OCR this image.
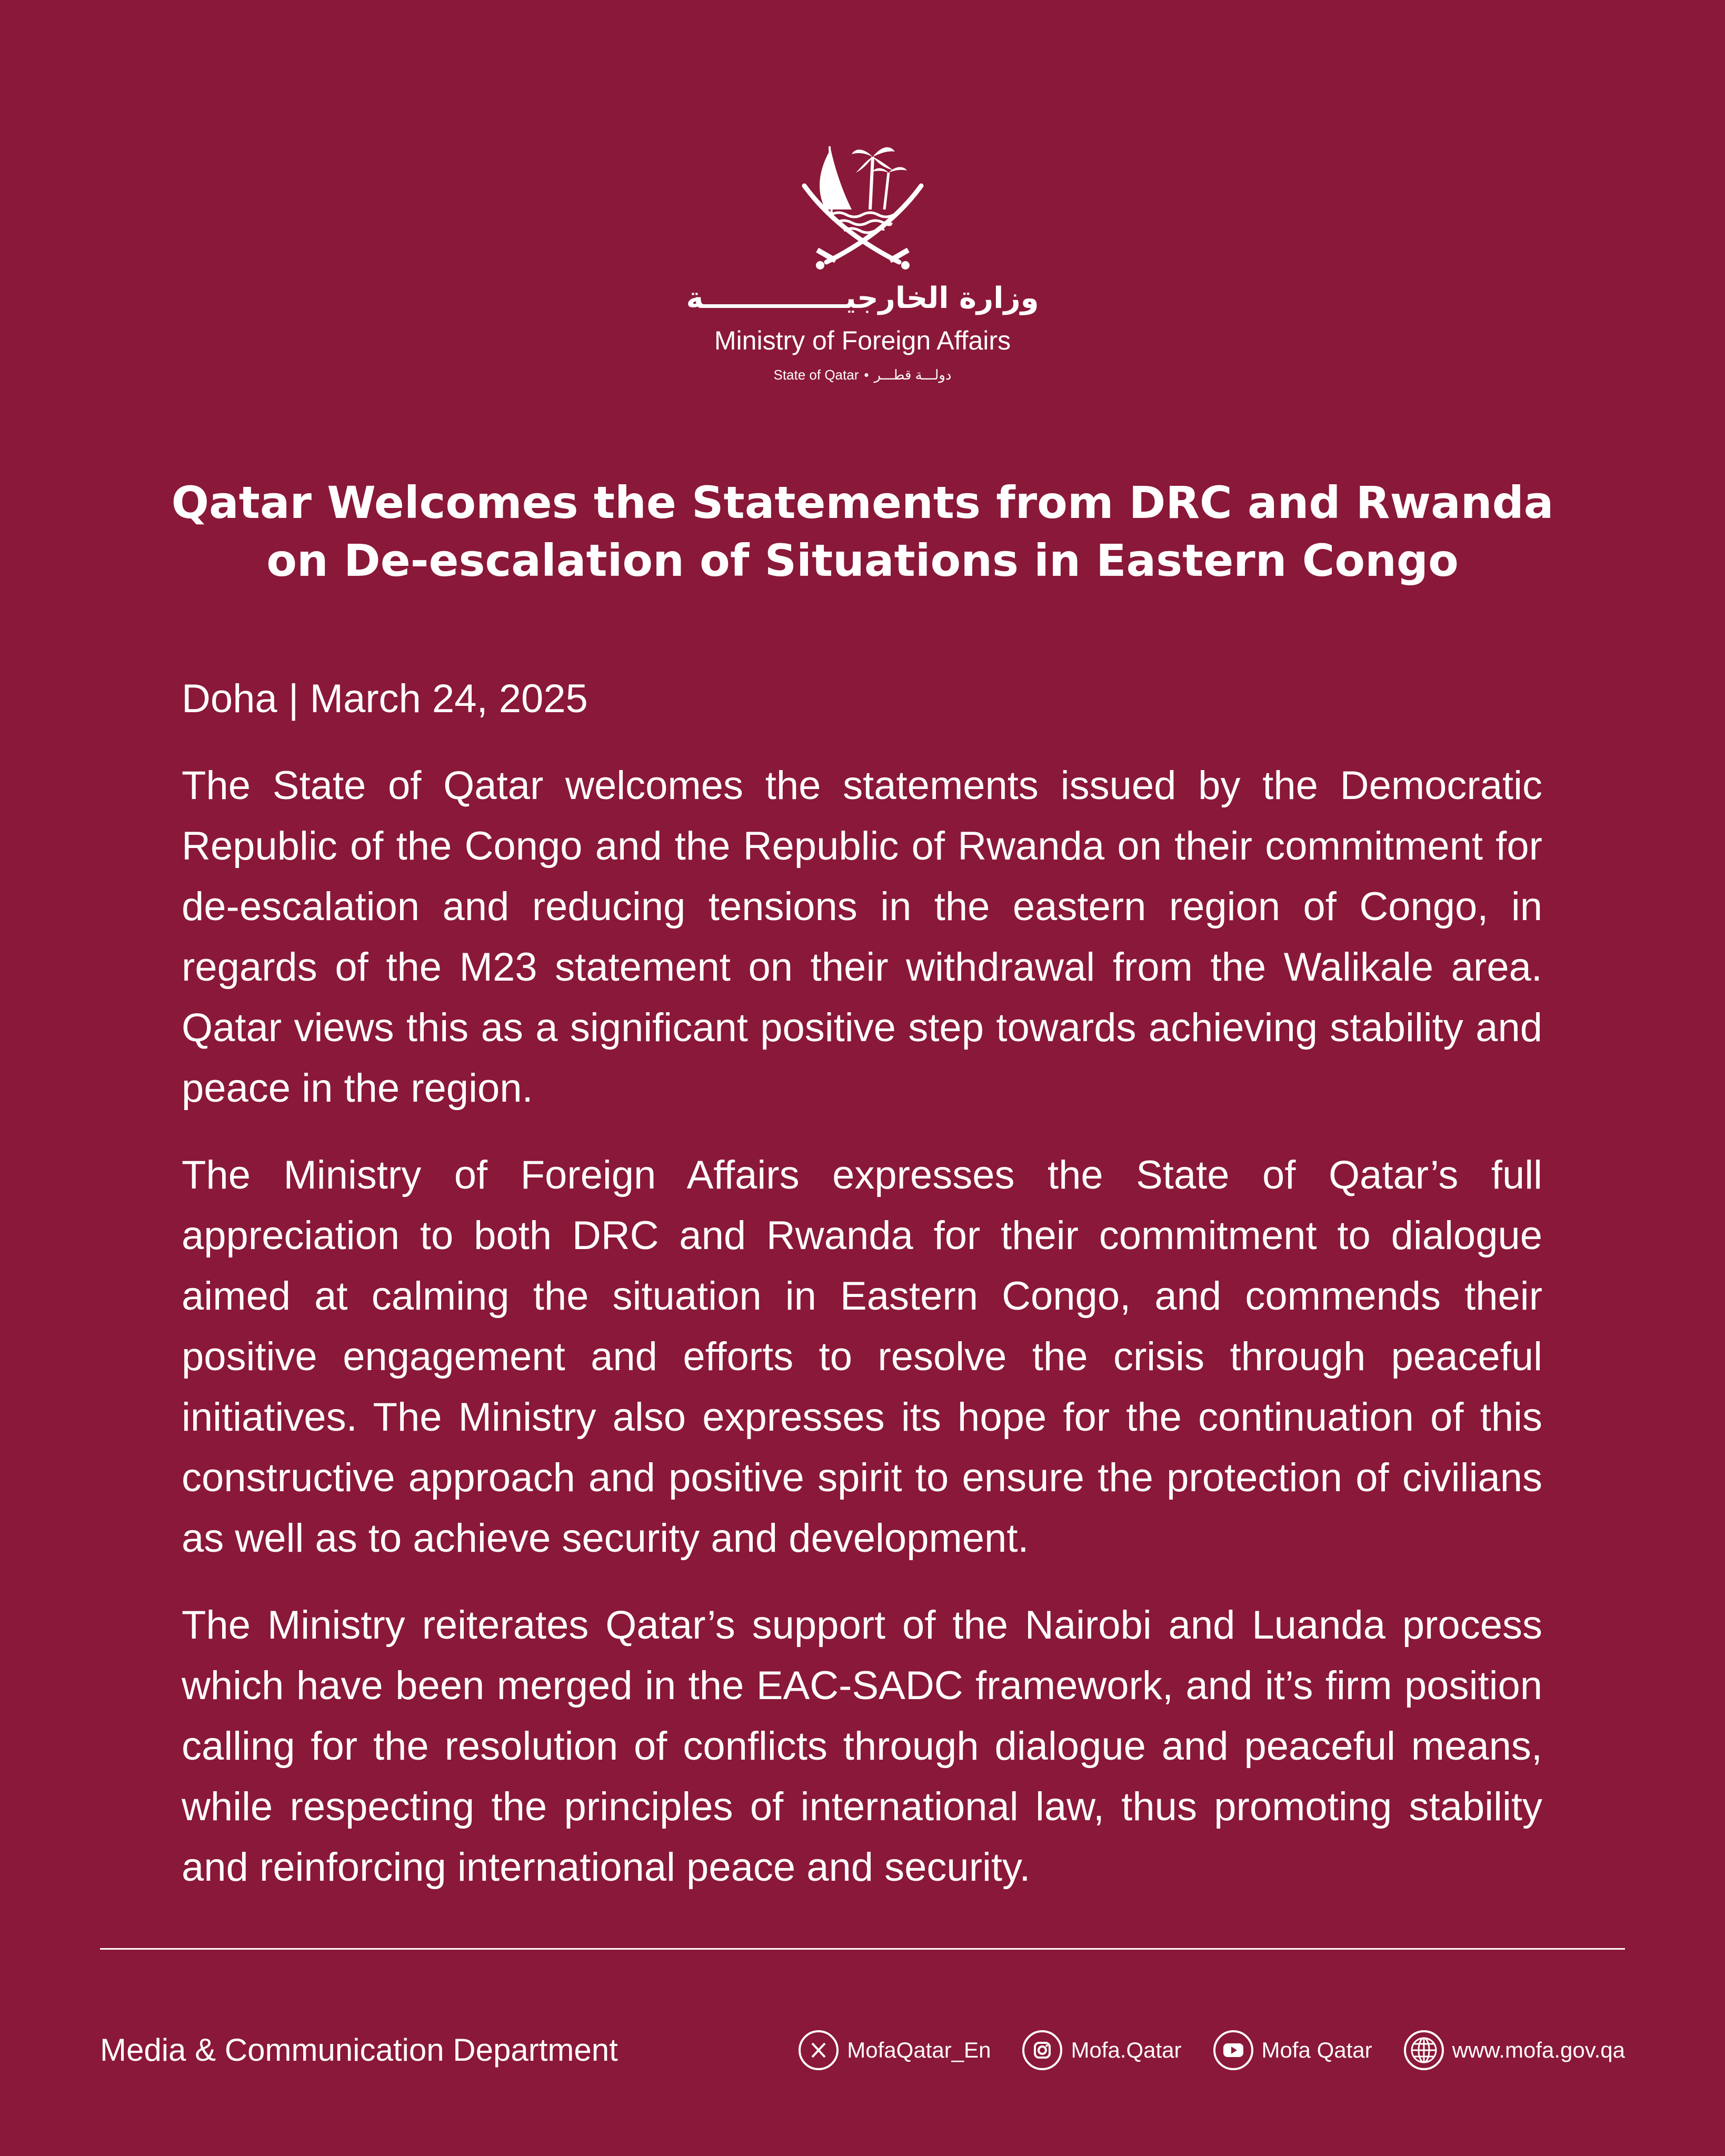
وزارة الخارجيــــــــــــــة
Ministry of Foreign Affairs
State of Qatar • دولـــة قطـــر
Qatar Welcomes the Statements from DRC and Rwanda
on De-escalation of Situations in Eastern Congo

Doha | March 24, 2025

The State of Qatar welcomes the statements issued by the Democratic Republic of the Congo and the Republic of Rwanda on their commitment for de-escalation and reducing tensions in the eastern region of Congo, in regards of the M23 statement on their withdrawal from the Walikale area. Qatar views this as a significant positive step towards achieving stability and peace in the region.

The Ministry of Foreign Affairs expresses the State of Qatar’s full appreciation to both DRC and Rwanda for their commitment to dialogue aimed at calming the situation in Eastern Congo, and commends their positive engagement and efforts to resolve the crisis through peaceful initiatives. The Ministry also expresses its hope for the continuation of this constructive approach and positive spirit to ensure the protection of civilians as well as to achieve security and development.

The Ministry reiterates Qatar’s support of the Nairobi and Luanda process which have been merged in the EAC-SADC framework, and it’s firm position calling for the resolution of conflicts through dialogue and peaceful means, while respecting the principles of international law, thus promoting stability and reinforcing international peace and security.

Media & Communication Department	MofaQatar_En	Mofa.Qatar	Mofa Qatar	www.mofa.gov.qa
